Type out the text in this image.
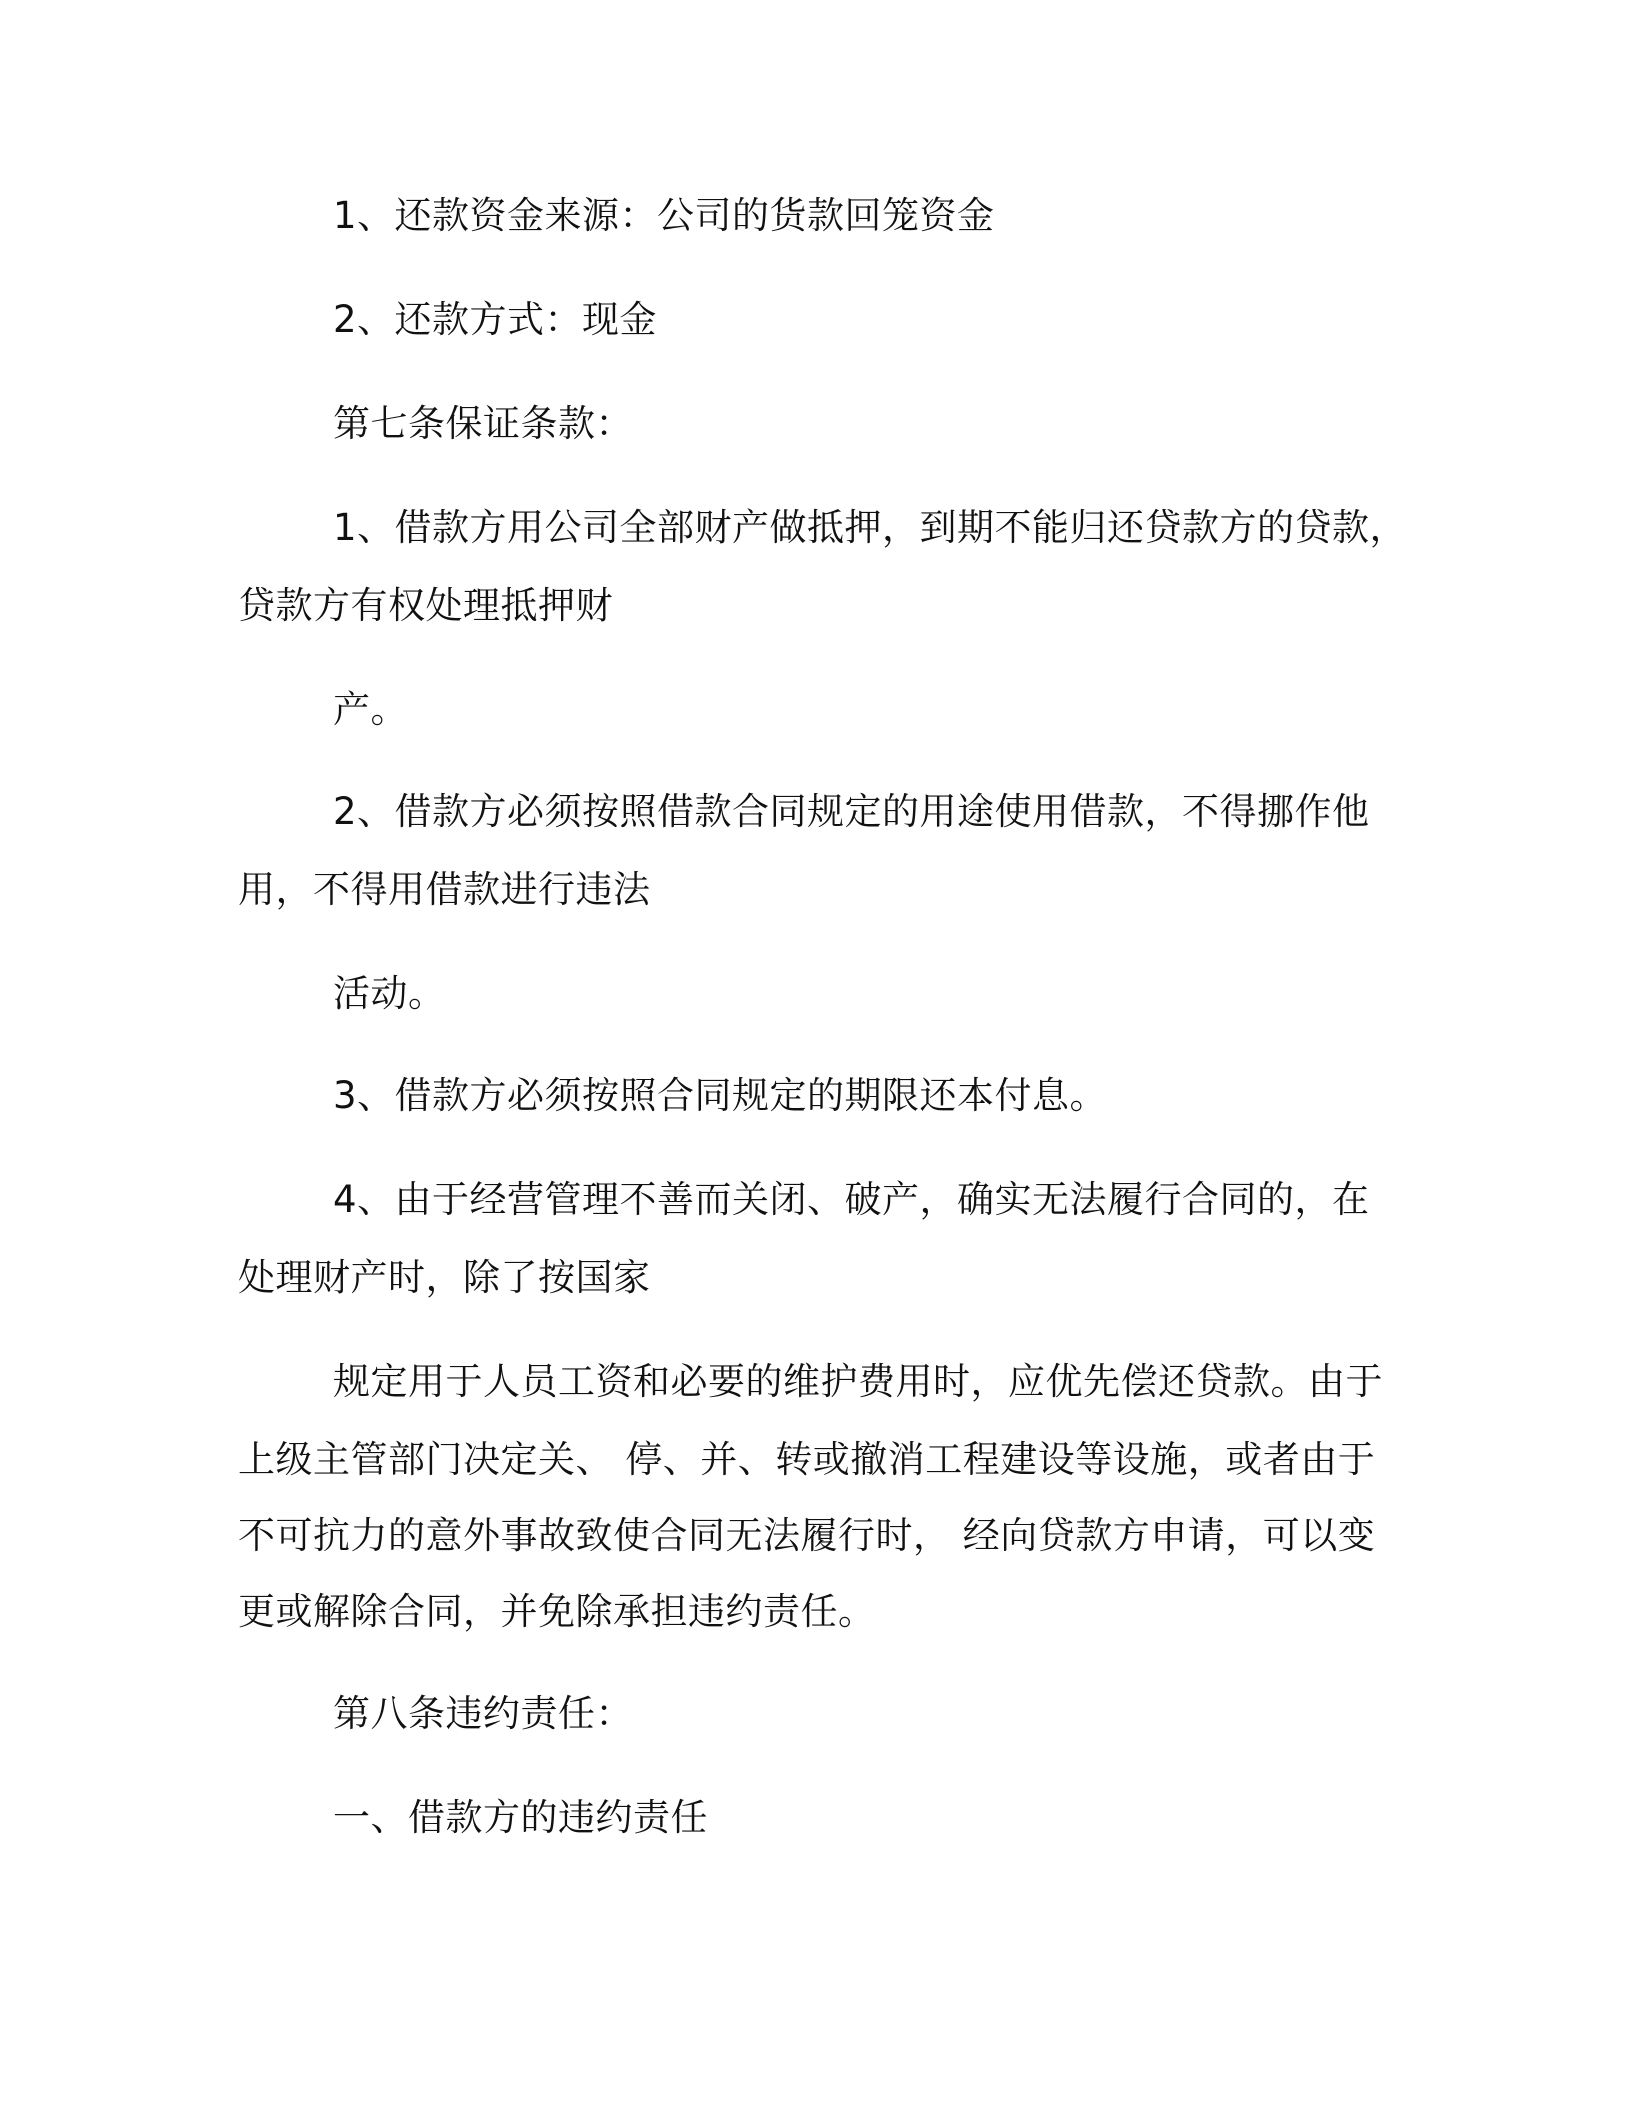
1、还款资金来源：公司的货款回笼资金
2、还款方式：现金
第七条保证条款：
1、借款方用公司全部财产做抵押，到期不能归还贷款方的贷款，
贷款方有权处理抵押财
产。
2、借款方必须按照借款合同规定的用途使用借款，不得挪作他
用，不得用借款进行违法
活动。
3、借款方必须按照合同规定的期限还本付息。
4、由于经营管理不善而关闭、破产，确实无法履行合同的，在
处理财产时，除了按国家
规定用于人员工资和必要的维护费用时，应优先偿还贷款。由于
上级主管部门决定关、 停、并、转或撤消工程建设等设施，或者由于
不可抗力的意外事故致使合同无法履行时， 经向贷款方申请，可以变
更或解除合同，并免除承担违约责任。
第八条违约责任：
一、借款方的违约责任
